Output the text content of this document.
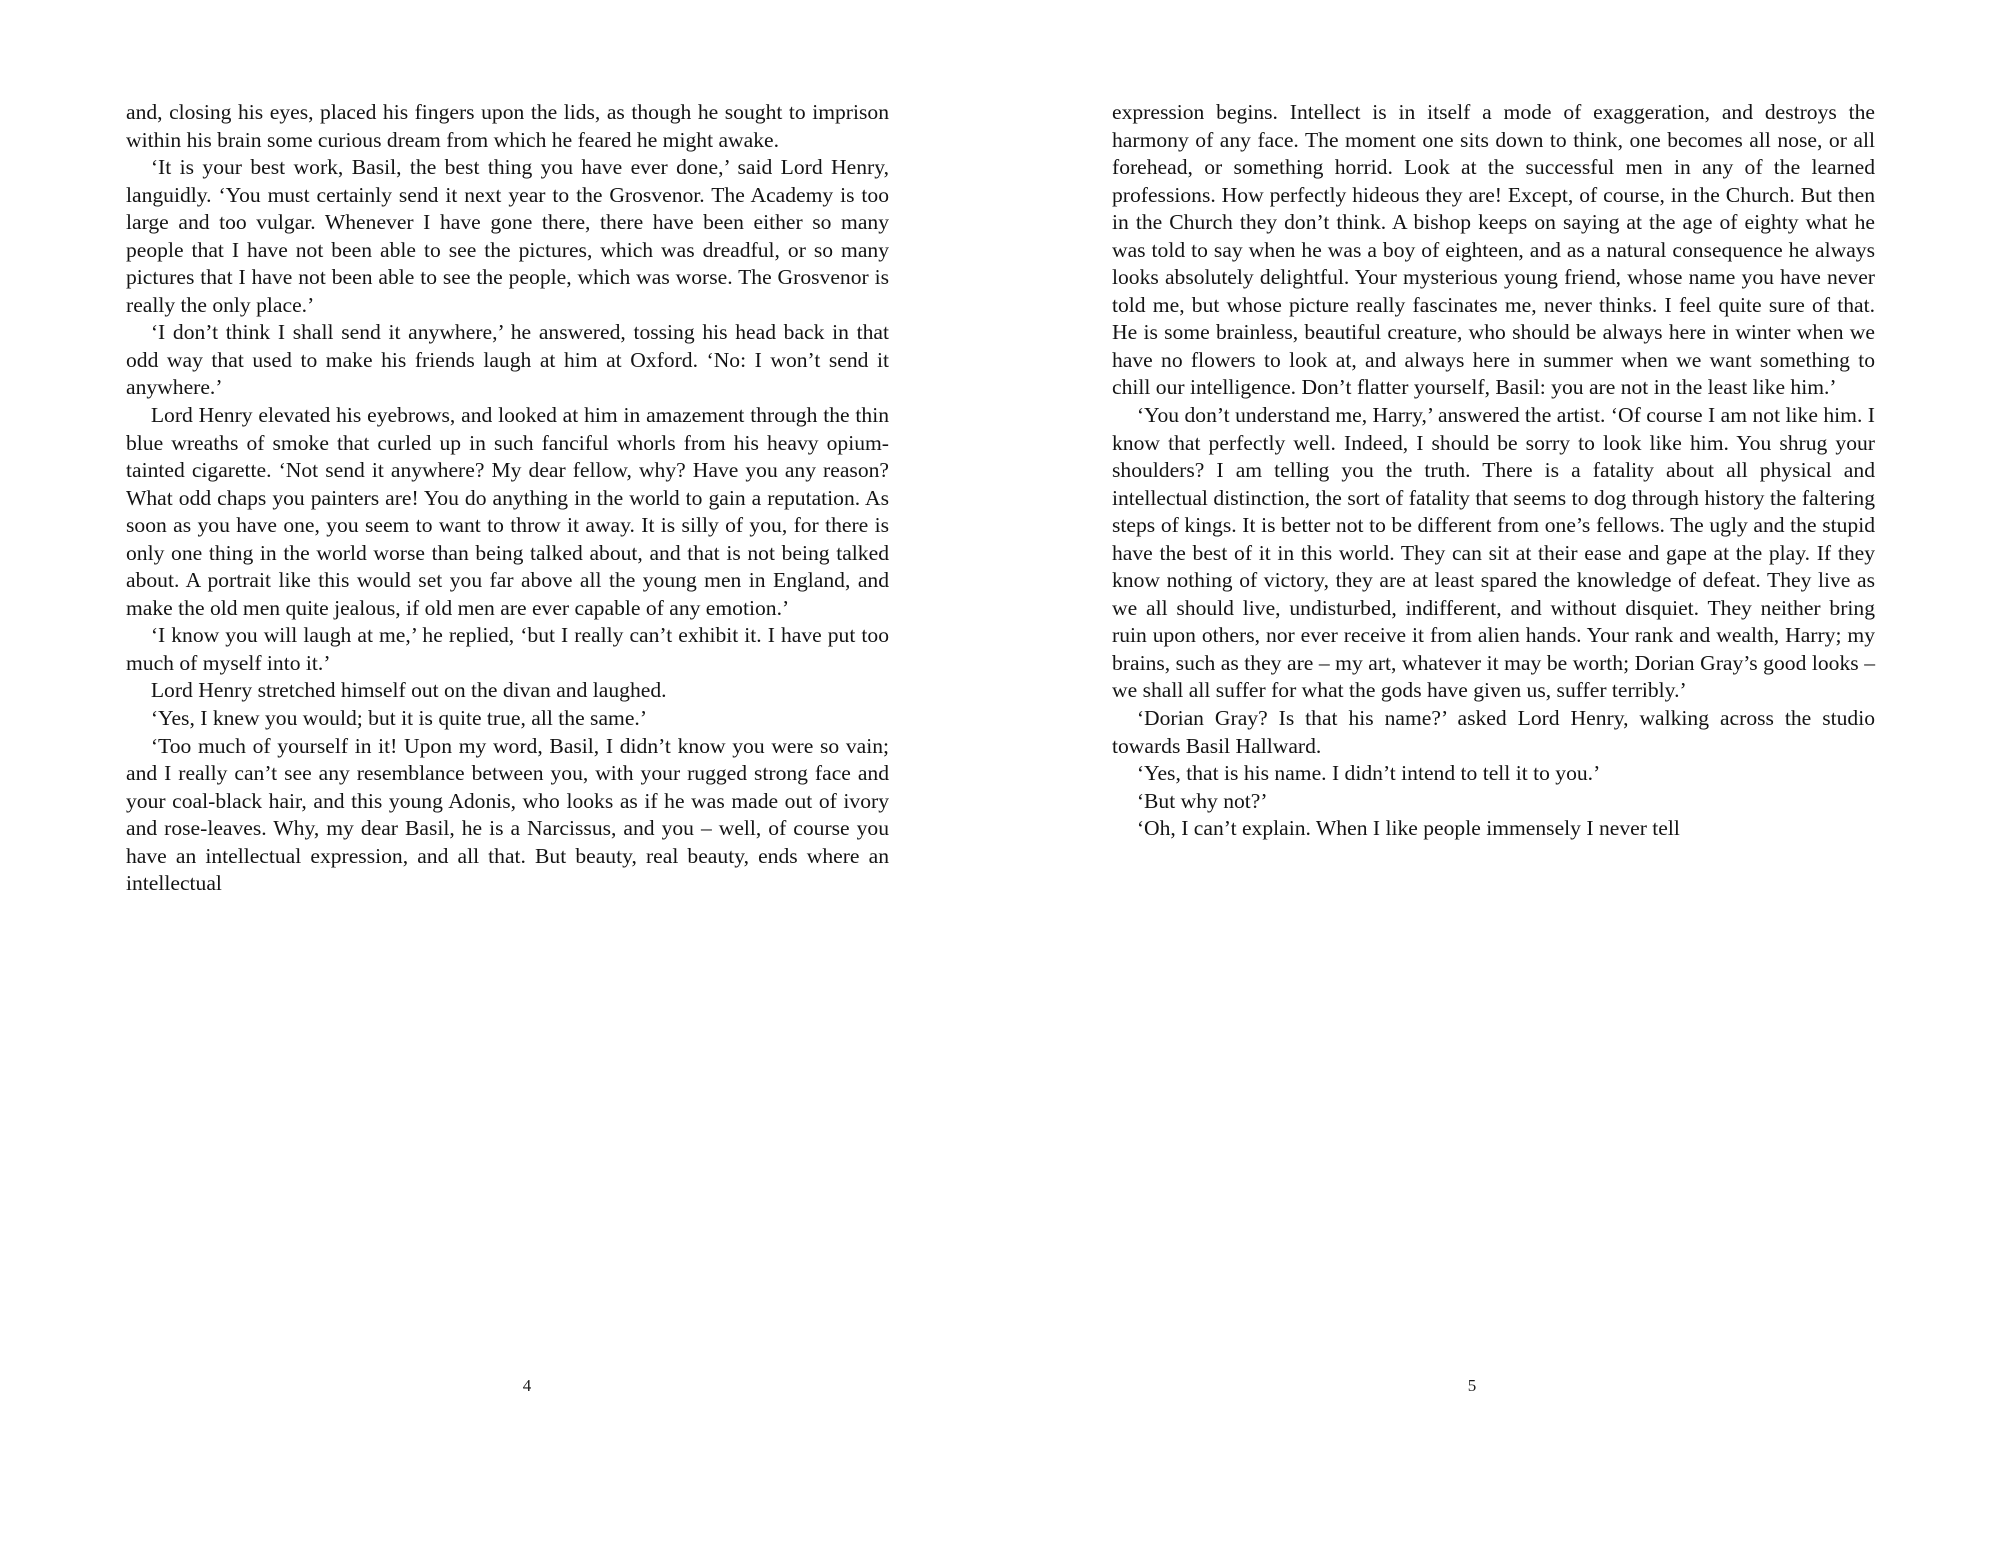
and, closing his eyes, placed his fingers upon the lids, as though he sought to imprison within his brain some curious dream from which he feared he might awake.

‘It is your best work, Basil, the best thing you have ever done,’ said Lord Henry, languidly. ‘You must certainly send it next year to the Grosvenor. The Academy is too large and too vulgar. Whenever I have gone there, there have been either so many people that I have not been able to see the pictures, which was dreadful, or so many pictures that I have not been able to see the people, which was worse. The Grosvenor is really the only place.’

‘I don’t think I shall send it anywhere,’ he answered, tossing his head back in that odd way that used to make his friends laugh at him at Oxford. ‘No: I won’t send it anywhere.’

Lord Henry elevated his eyebrows, and looked at him in amazement through the thin blue wreaths of smoke that curled up in such fanciful whorls from his heavy opium-tainted cigarette. ‘Not send it anywhere? My dear fellow, why? Have you any reason? What odd chaps you painters are! You do anything in the world to gain a reputation. As soon as you have one, you seem to want to throw it away. It is silly of you, for there is only one thing in the world worse than being talked about, and that is not being talked about. A portrait like this would set you far above all the young men in England, and make the old men quite jealous, if old men are ever capable of any emotion.’

‘I know you will laugh at me,’ he replied, ‘but I really can’t exhibit it. I have put too much of myself into it.’

Lord Henry stretched himself out on the divan and laughed.

‘Yes, I knew you would; but it is quite true, all the same.’

‘Too much of yourself in it! Upon my word, Basil, I didn’t know you were so vain; and I really can’t see any resemblance between you, with your rugged strong face and your coal-black hair, and this young Adonis, who looks as if he was made out of ivory and rose-leaves. Why, my dear Basil, he is a Narcissus, and you – well, of course you have an intellectual expression, and all that. But beauty, real beauty, ends where an intellectual

4

expression begins. Intellect is in itself a mode of exaggeration, and destroys the harmony of any face. The moment one sits down to think, one becomes all nose, or all forehead, or something horrid. Look at the successful men in any of the learned professions. How perfectly hideous they are! Except, of course, in the Church. But then in the Church they don’t think. A bishop keeps on saying at the age of eighty what he was told to say when he was a boy of eighteen, and as a natural consequence he always looks absolutely delightful. Your mysterious young friend, whose name you have never told me, but whose picture really fascinates me, never thinks. I feel quite sure of that. He is some brainless, beautiful creature, who should be always here in winter when we have no flowers to look at, and always here in summer when we want something to chill our intelligence. Don’t flatter yourself, Basil: you are not in the least like him.’

‘You don’t understand me, Harry,’ answered the artist. ‘Of course I am not like him. I know that perfectly well. Indeed, I should be sorry to look like him. You shrug your shoulders? I am telling you the truth. There is a fatality about all physical and intellectual distinction, the sort of fatality that seems to dog through history the faltering steps of kings. It is better not to be different from one’s fellows. The ugly and the stupid have the best of it in this world. They can sit at their ease and gape at the play. If they know nothing of victory, they are at least spared the knowledge of defeat. They live as we all should live, undisturbed, indifferent, and without disquiet. They neither bring ruin upon others, nor ever receive it from alien hands. Your rank and wealth, Harry; my brains, such as they are – my art, whatever it may be worth; Dorian Gray’s good looks – we shall all suffer for what the gods have given us, suffer terribly.’

‘Dorian Gray? Is that his name?’ asked Lord Henry, walking across the studio towards Basil Hallward.

‘Yes, that is his name. I didn’t intend to tell it to you.’

‘But why not?’

‘Oh, I can’t explain. When I like people immensely I never tell

5
